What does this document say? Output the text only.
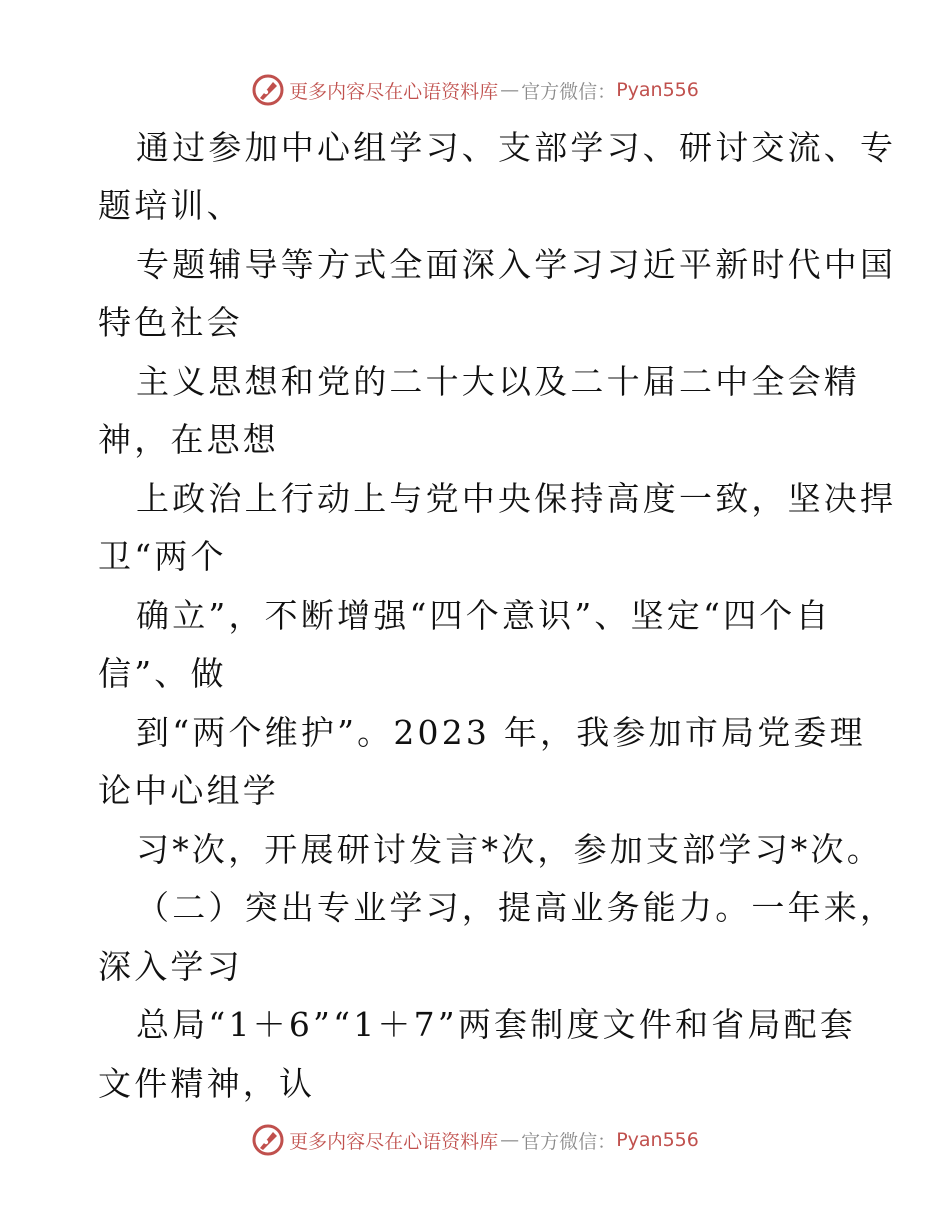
更多内容尽在心语资料库 — 官方微信： Pyan556
通过参加中心组学习、支部学习、研讨交流、专
题培训、
专题辅导等方式全面深入学习习近平新时代中国
特色社会
主义思想和党的二十大以及二十届二中全会精
神，在思想
上政治上行动上与党中央保持高度一致，坚决捍
卫“两个
确立”，不断增强“四个意识”、坚定“四个自
信”、做
到“两个维护”。2023 年，我参加市局党委理
论中心组学
习*次，开展研讨发言*次，参加支部学习*次。
（二）突出专业学习，提高业务能力。一年来，
深入学习
总局“1＋6”“1＋7”两套制度文件和省局配套
文件精神，认
更多内容尽在心语资料库 — 官方微信： Pyan556
